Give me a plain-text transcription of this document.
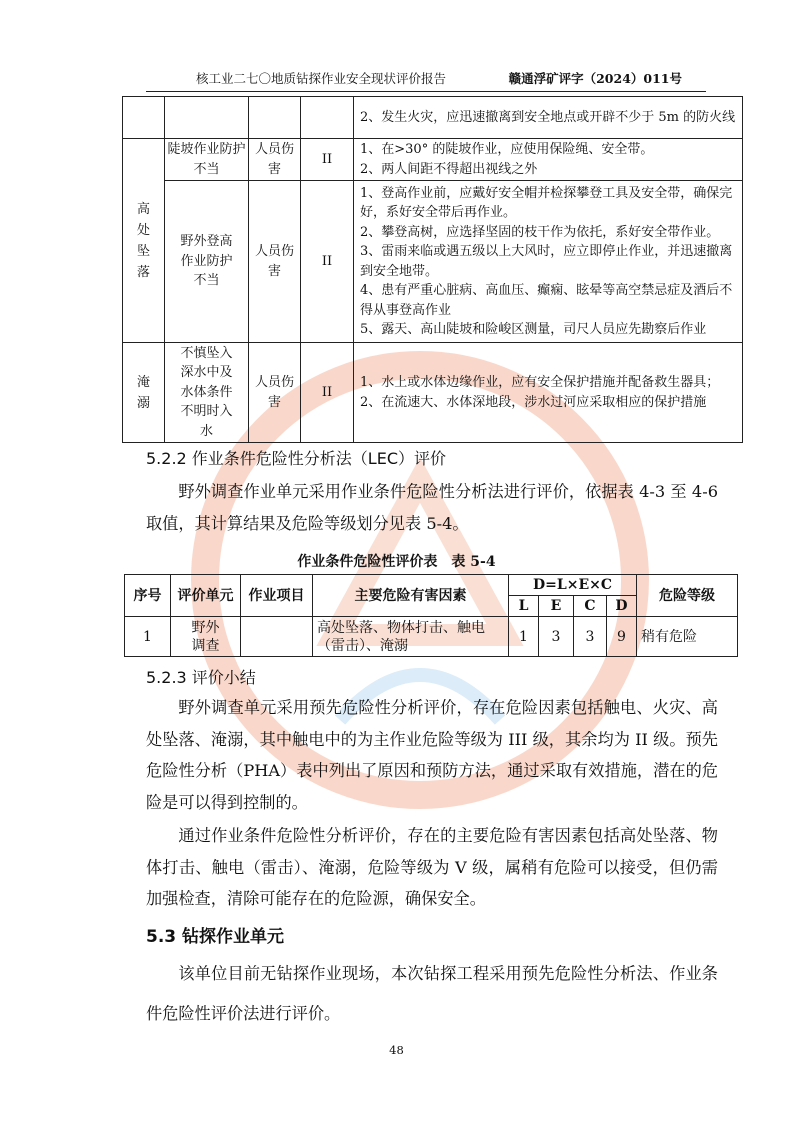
核工业二七〇地质钻探作业安全现状评价报告	赣通浮矿评字（2024）011号

				2、发生火灾，应迅速撤离到安全地点或开辟不少于 5m 的防火线

高处坠落	陡坡作业防护不当	人员伤害	II	1、在>30° 的陡坡作业，应使用保险绳、安全带。
2、两人间距不得超出视线之外

	野外登高作业防护不当	人员伤害	II	1、登高作业前，应戴好安全帽并检探攀登工具及安全带，确保完好，系好安全带后再作业。
2、攀登高树，应选择坚固的枝干作为依托，系好安全带作业。
3、雷雨来临或遇五级以上大风时，应立即停止作业，并迅速撤离到安全地带。
4、患有严重心脏病、高血压、癫痫、眩晕等高空禁忌症及酒后不得从事登高作业
5、露天、高山陡坡和险峻区测量，司尺人员应先勘察后作业

淹溺	不慎坠入深水中及水体条件不明时入水	人员伤害	II	1、水上或水体边缘作业，应有安全保护措施并配备救生器具；
2、在流速大、水体深地段，涉水过河应采取相应的保护措施
5.2.2 作业条件危险性分析法（LEC）评价

野外调查作业单元采用作业条件危险性分析法进行评价，依据表 4-3 至 4-6 取值，其计算结果及危险等级划分见表 5-4。

作业条件危险性评价表　表 5-4
序号	评价单元	作业项目	主要危险有害因素	D=L×E×C				危险等级
				L	E	C	D	
1	野外调查		高处坠落、物体打击、触电（雷击）、淹溺	1	3	3	9	稍有危险
5.2.3 评价小结

野外调查单元采用预先危险性分析评价，存在危险因素包括触电、火灾、高处坠落、淹溺，其中触电中的为主作业危险等级为 III 级，其余均为 II 级。预先危险性分析（PHA）表中列出了原因和预防方法，通过采取有效措施，潜在的危险是可以得到控制的。

通过作业条件危险性分析评价，存在的主要危险有害因素包括高处坠落、物体打击、触电（雷击）、淹溺，危险等级为 V 级，属稍有危险可以接受，但仍需加强检查，清除可能存在的危险源，确保安全。

5.3 钻探作业单元

该单位目前无钻探作业现场，本次钻探工程采用预先危险性分析法、作业条件危险性评价法进行评价。

48
